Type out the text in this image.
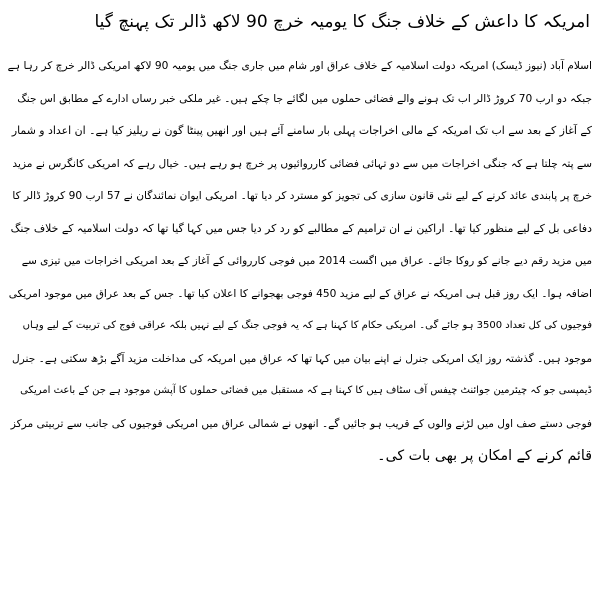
امریکہ کا داعش کے خلاف جنگ کا یومیہ خرچ 90 لاکھ ڈالر تک پہنچ گیا
اسلام آباد (نیوز ڈیسک) امریکہ دولت اسلامیہ کے خلاف عراق اور شام میں جاری جنگ میں یومیہ 90 لاکھ امریکی ڈالر خرچ کر رہا ہے
جبکہ دو ارب 70 کروڑ ڈالر اب تک ہونے والے فضائی حملوں میں لگائے جا چکے ہیں۔ غیر ملکی خبر رساں ادارے کے مطابق اس جنگ
کے آغاز کے بعد سے اب تک امریکہ کے مالی اخراجات پہلی بار سامنے آئے ہیں اور انھیں پینٹا گون نے ریلیز کیا ہے۔ ان اعداد و شمار
سے پتہ چلتا ہے کہ جنگی اخراجات میں سے دو تہائی فضائی کارروائیوں پر خرچ ہو رہے ہیں۔ خیال رہے کہ امریکی کانگرس نے مزید
خرچ پر پابندی عائد کرنے کے لیے نئی قانون سازی کی تجویز کو مسترد کر دیا تھا۔ امریکی ایوان نمائندگان نے 57 ارب 90 کروڑ ڈالر کا
دفاعی بل کے لیے منظور کیا تھا۔ اراکین نے ان ترامیم کے مطالبے کو رد کر دیا جس میں کہا گیا تھا کہ دولت اسلامیہ کے خلاف جنگ
میں مزید رقم دیے جانے کو روکا جائے۔ عراق میں اگست 2014 میں فوجی کارروائی کے آغاز کے بعد امریکی اخراجات میں تیزی سے
اضافہ ہوا۔ ایک روز قبل ہی امریکہ نے عراق کے لیے مزید 450 فوجی بھجوانے کا اعلان کیا تھا۔ جس کے بعد عراق میں موجود امریکی
فوجیوں کی کل تعداد 3500 ہو جائے گی۔ امریکی حکام کا کہنا ہے کہ یہ فوجی جنگ کے لیے نہیں بلکہ عراقی فوج کی تربیت کے لیے وہاں
موجود ہیں۔ گذشتہ روز ایک امریکی جنرل نے اپنے بیان میں کہا تھا کہ عراق میں امریکہ کی مداخلت مزید آگے بڑھ سکتی ہے۔ جنرل
ڈیمپسی جو کہ چیئرمین جوائنٹ چیفس آف سٹاف ہیں کا کہنا ہے کہ مستقبل میں فضائی حملوں کا آپشن موجود ہے جن کے باعث امریکی
فوجی دستے صف اول میں لڑنے والوں کے قریب ہو جائیں گے۔ انھوں نے شمالی عراق میں امریکی فوجیوں کی جانب سے تربیتی مرکز
قائم کرنے کے امکان پر بھی بات کی۔
